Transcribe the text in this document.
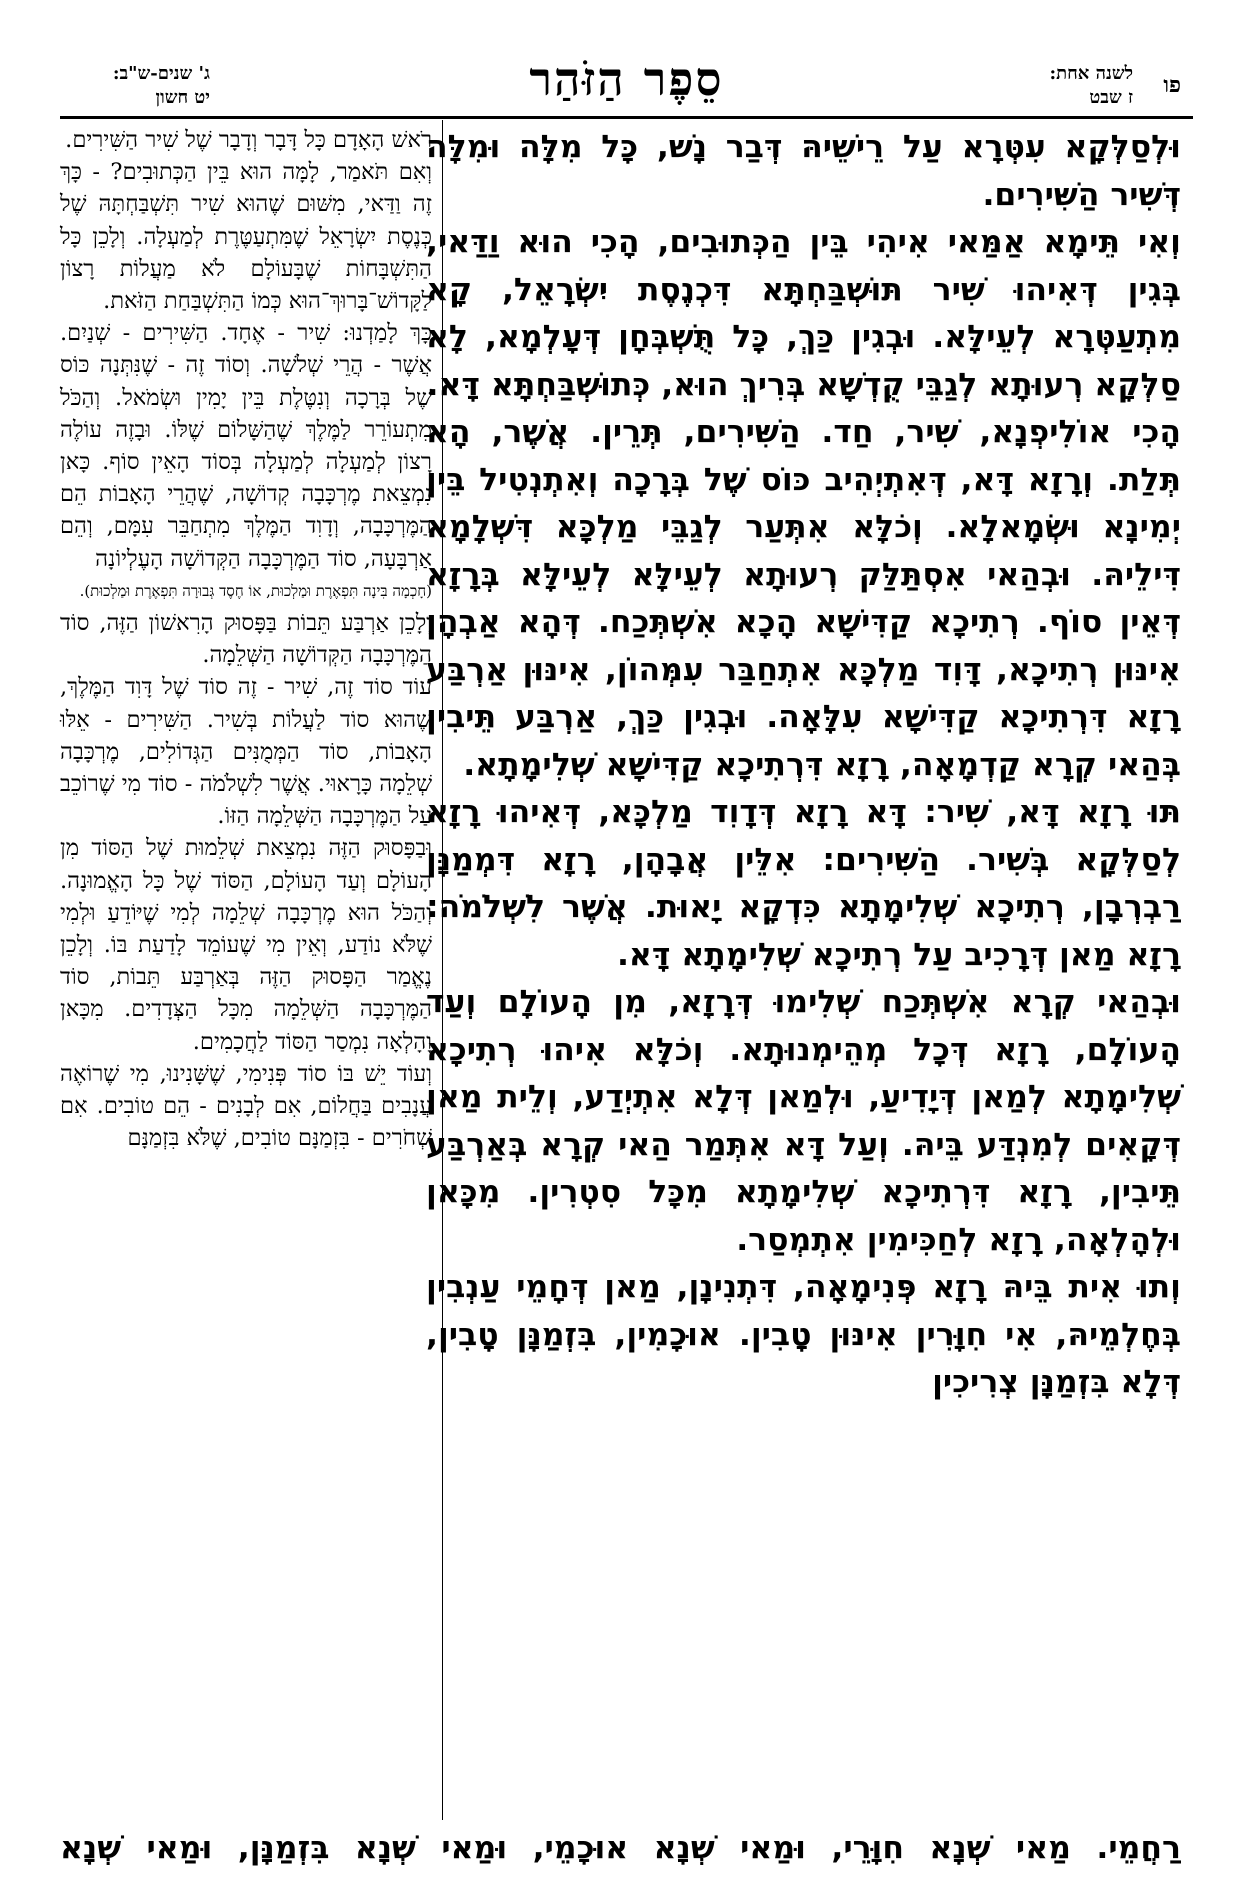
פו
לשנה אחת:
ז שבט
סֵפֶר הַזֹּהַר
ג' שנים-ש"ב:
יט חשון

וּלְסַלְּקָא עִטְּרָא עַל רֵישֵׁיהּ דְּבַר נָשׁ, כָּל מִלָּה וּמִלָּה דְּשִׁיר הַשִּׁירִים.

וְאִי תֵּימָא אַמַּאי אִיהִי בֵּין הַכְּתוּבִים, הָכִי הוּא וַדַּאי, בְּגִין דְּאִיהוּ שִׁיר תּוּשְׁבַּחְתָּא דִּכְנֶסֶת יִשְׂרָאֵל, קָא מִתְעַטְּרָא לְעֵילָּא. וּבְגִין כַּךְ, כָּל תֻּשְׁבְּחָן דְּעָלְמָא, לָא סַלְּקָא רְעוּתָא לְגַבֵּי קֻדְשָׁא בְּרִיךְ הוּא, כְּתוּשְׁבַּחְתָּא דָּא.

הָכִי אוֹלִיפְנָא, שִׁיר, חַד. הַשִּׁירִים, תְּרֵין. אֲשֶׁר, הָא תְּלַת. וְרָזָא דָּא, דְּאִתְיְהִיב כּוֹס שֶׁל בְּרָכָה וְאִתְנְטִיל בֵּין יְמִינָא וּשְׂמָאלָא. וְכֹלָּא אִתְּעַר לְגַבֵּי מַלְכָּא דִּשְׁלָמָא דִּילֵיהּ. וּבְהַאי אִסְתַּלַּק רְעוּתָא לְעֵילָּא לְעֵילָּא בְּרָזָא דְּאֵין סוֹף. רְתִיכָא קַדִּישָׁא הָכָא אִשְׁתְּכַח. דְּהָא אַבְהָן אִינּוּן רְתִיכָא, דָּוִד מַלְכָּא אִתְחַבַּר עִמְּהוֹן, אִינּוּן אַרְבַּע רָזָא דִּרְתִיכָא קַדִּישָׁא עִלָּאָה. וּבְגִין כַּךְ, אַרְבַּע תֵּיבִין בְּהַאי קְרָא קַדְמָאָה, רָזָא דִּרְתִיכָא קַדִּישָׁא שְׁלִימָתָא.

תּוּ רָזָא דָּא, שִׁיר: דָּא רָזָא דְּדָוִד מַלְכָּא, דְּאִיהוּ רָזָא לְסַלְּקָא בְּשִׁיר. הַשִּׁירִים: אִלֵּין אֲבָהָן, רָזָא דִּמְמַנָּן רַבְרְבָן, רְתִיכָא שְׁלִימָתָא כִּדְקָא יָאוּת. אֲשֶׁר לִשְׁלֹמֹה: רָזָא מַאן דְּרָכִיב עַל רְתִיכָא שְׁלִימָתָא דָּא.

וּבְהַאי קְרָא אִשְׁתְּכַח שְׁלִימוּ דְּרָזָא, מִן הָעוֹלָם וְעַד הָעוֹלָם, רָזָא דְּכָל מְהֵימְנוּתָא. וְכֹלָּא אִיהוּ רְתִיכָא שְׁלִימָתָא לְמַאן דְּיָדִיעַ, וּלְמַאן דְּלָא אִתְיְדַע, וְלֵית מַאן דְּקָאִים לְמִנְדַּע בֵּיהּ. וְעַל דָּא אִתְּמַר הַאי קְרָא בְּאַרְבַּע תֵּיבִין, רָזָא דִּרְתִיכָא שְׁלִימָתָא מִכָּל סִטְרִין. מִכָּאן וּלְהָלְאָה, רָזָא לְחַכִּימִין אִתְמְסַר.

וְתוּ אִית בֵּיהּ רָזָא פְּנִימָאָה, דִּתְנִינָן, מַאן דְּחָמֵי עַנְבִין בְּחֶלְמֵיהּ, אִי חִוָּרִין אִינּוּן טָבִין. אוּכָמִין, בִּזְמַנָּן טָבִין, דְּלָא בִּזְמַנָּן צְרִיכִין

רֹאשׁ הָאָדָם כָּל דָּבָר וְדָבָר שֶׁל שִׁיר הַשִּׁירִים.

וְאִם תֹּאמַר, לָמָּה הוּא בֵּין הַכְּתוּבִים? - כָּךְ זֶה וַדַּאי, מִשּׁוּם שֶׁהוּא שִׁיר תִּשְׁבַּחְתָּהּ שֶׁל כְּנֶסֶת יִשְׂרָאֵל שֶׁמִּתְעַטֶּרֶת לְמַעְלָה. וְלָכֵן כָּל הַתִּשְׁבָּחוֹת שֶׁבָּעוֹלָם לֹא מַעֲלוֹת רָצוֹן לַקָּדוֹשׁ־בָּרוּךְ־הוּא כְּמוֹ הַתִּשְׁבַּחַת הַזֹּאת.

כָּךְ לָמַדְנוּ: שִׁיר - אֶחָד. הַשִּׁירִים - שְׁנַיִם. אֲשֶׁר - הֲרֵי שְׁלֹשָׁה. וְסוֹד זֶה - שֶׁנִּתְּנָה כּוֹס שֶׁל בְּרָכָה וְנִטֶּלֶת בֵּין יָמִין וּשְׂמֹאל. וְהַכֹּל מִתְעוֹרֵר לַמֶּלֶךְ שֶׁהַשָּׁלוֹם שֶׁלּוֹ. וּבָזֶה עוֹלֶה רָצוֹן לְמַעְלָה לְמַעְלָה בְּסוֹד הָאֵין סוֹף. כָּאן נִמְצֵאת מֶרְכָּבָה קְדוֹשָׁה, שֶׁהֲרֵי הָאָבוֹת הֵם הַמֶּרְכָּבָה, וְדָוִד הַמֶּלֶךְ מִתְחַבֵּר עִמָּם, וְהֵם אַרְבָּעָה, סוֹד הַמֶּרְכָּבָה הַקְּדוֹשָׁה הָעֶלְיוֹנָה

(חָכְמָה בִּינָה תִּפְאֶרֶת וּמַלְכוּת, אוֹ חֶסֶד גְּבוּרָה תִּפְאֶרֶת וּמַלְכוּת).

וְלָכֵן אַרְבַּע תֵּבוֹת בַּפָּסוּק הָרִאשׁוֹן הַזֶּה, סוֹד הַמֶּרְכָּבָה הַקְּדוֹשָׁה הַשְּׁלֵמָה.

עוֹד סוֹד זֶה, שִׁיר - זֶה סוֹד שֶׁל דָּוִד הַמֶּלֶךְ, שֶׁהוּא סוֹד לַעֲלוֹת בְּשִׁיר. הַשִּׁירִים - אֵלּוּ הָאָבוֹת, סוֹד הַמְּמֻנִּים הַגְּדוֹלִים, מֶרְכָּבָה שְׁלֵמָה כָּרָאוּי. אֲשֶׁר לִשְׁלֹמֹה - סוֹד מִי שֶׁרוֹכֵב עַל הַמֶּרְכָּבָה הַשְּׁלֵמָה הַזּוֹ.

וּבַפָּסוּק הַזֶּה נִמְצֵאת שְׁלֵמוּת שֶׁל הַסּוֹד מִן הָעוֹלָם וְעַד הָעוֹלָם, הַסּוֹד שֶׁל כָּל הָאֱמוּנָה. וְהַכֹּל הוּא מֶרְכָּבָה שְׁלֵמָה לְמִי שֶׁיּוֹדֵעַ וּלְמִי שֶׁלֹּא נוֹדַע, וְאֵין מִי שֶׁעוֹמֵד לָדַעַת בּוֹ. וְלָכֵן נֶאֱמַר הַפָּסוּק הַזֶּה בְּאַרְבַּע תֵּבוֹת, סוֹד הַמֶּרְכָּבָה הַשְּׁלֵמָה מִכָּל הַצְּדָדִים. מִכָּאן וָהָלְאָה נִמְסַר הַסּוֹד לַחֲכָמִים.

וְעוֹד יֵשׁ בּוֹ סוֹד פְּנִימִי, שֶׁשָּׁנִינוּ, מִי שֶׁרוֹאֶה עֲנָבִים בַּחֲלוֹם, אִם לְבָנִים - הֵם טוֹבִים. אִם שְׁחֹרִים - בִּזְמַנָּם טוֹבִים, שֶׁלֹּא בִּזְמַנָּם

רַחֲמֵי. מַאי שְׁנָא חִוָּרֵי, וּמַאי שְׁנָא אוּכָמֵי, וּמַאי שְׁנָא בִּזְמַנָּן, וּמַאי שְׁנָא
